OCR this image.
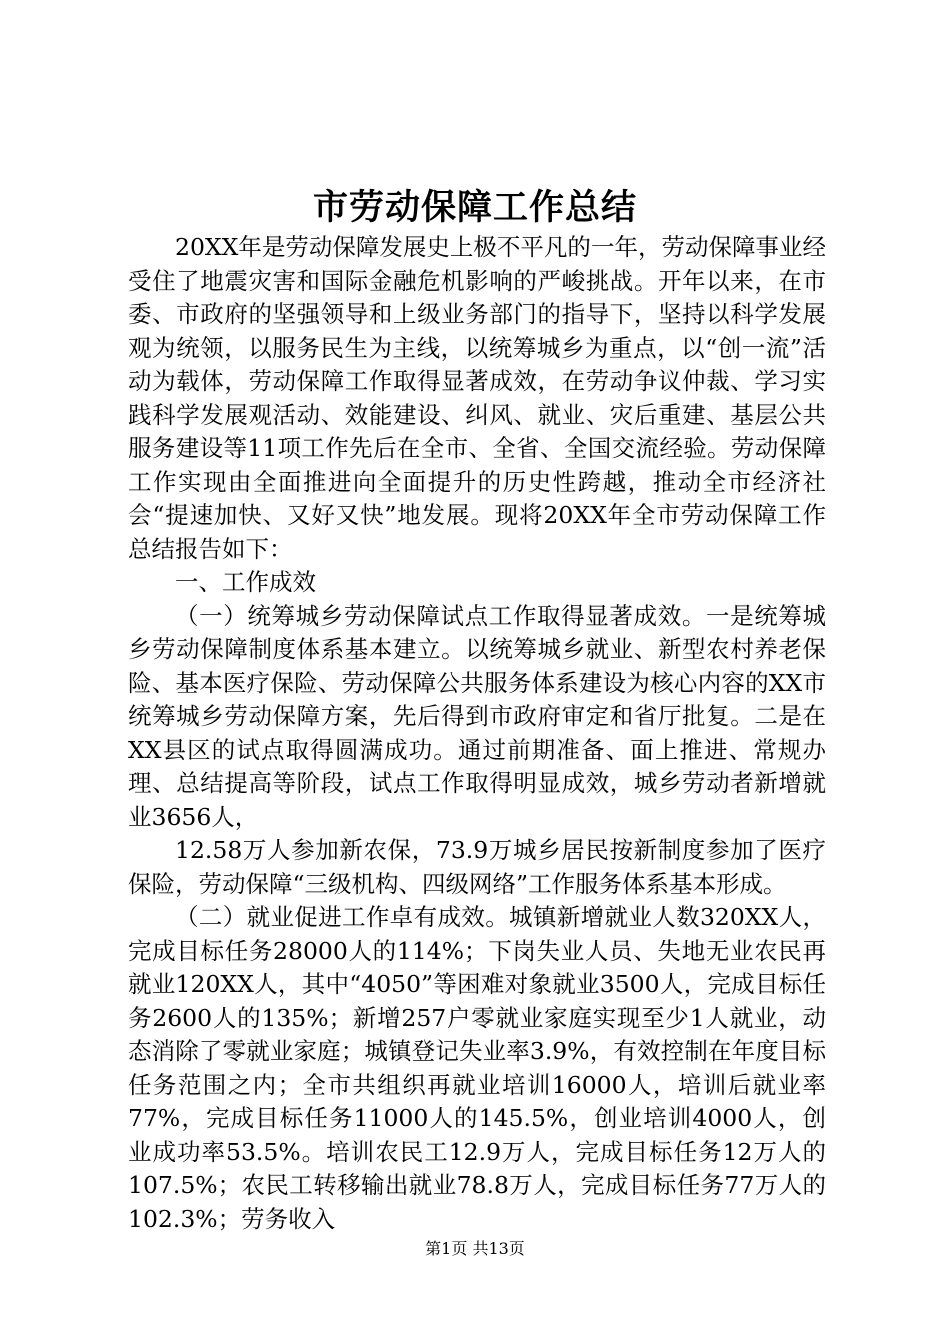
市劳动保障工作总结

20XX年是劳动保障发展史上极不平凡的一年，劳动保障事业经受住了地震灾害和国际金融危机影响的严峻挑战。开年以来，在市委、市政府的坚强领导和上级业务部门的指导下，坚持以科学发展观为统领，以服务民生为主线，以统筹城乡为重点，以“创一流”活动为载体，劳动保障工作取得显著成效，在劳动争议仲裁、学习实践科学发展观活动、效能建设、纠风、就业、灾后重建、基层公共服务建设等11项工作先后在全市、全省、全国交流经验。劳动保障工作实现由全面推进向全面提升的历史性跨越，推动全市经济社会“提速加快、又好又快”地发展。现将20XX年全市劳动保障工作总结报告如下：

一、工作成效

（一）统筹城乡劳动保障试点工作取得显著成效。一是统筹城乡劳动保障制度体系基本建立。以统筹城乡就业、新型农村养老保险、基本医疗保险、劳动保障公共服务体系建设为核心内容的XX市统筹城乡劳动保障方案，先后得到市政府审定和省厅批复。二是在XX县区的试点取得圆满成功。通过前期准备、面上推进、常规办理、总结提高等阶段，试点工作取得明显成效，城乡劳动者新增就业3656人，

12.58万人参加新农保，73.9万城乡居民按新制度参加了医疗保险，劳动保障“三级机构、四级网络”工作服务体系基本形成。

（二）就业促进工作卓有成效。城镇新增就业人数320XX人，完成目标任务28000人的114%；下岗失业人员、失地无业农民再就业120XX人，其中“4050”等困难对象就业3500人，完成目标任务2600人的135%；新增257户零就业家庭实现至少1人就业，动态消除了零就业家庭；城镇登记失业率3.9%，有效控制在年度目标任务范围之内；全市共组织再就业培训16000人，培训后就业率77%，完成目标任务11000人的145.5%，创业培训4000人，创业成功率53.5%。培训农民工12.9万人，完成目标任务12万人的107.5%；农民工转移输出就业78.8万人，完成目标任务77万人的102.3%；劳务收入

第1页 共13页
